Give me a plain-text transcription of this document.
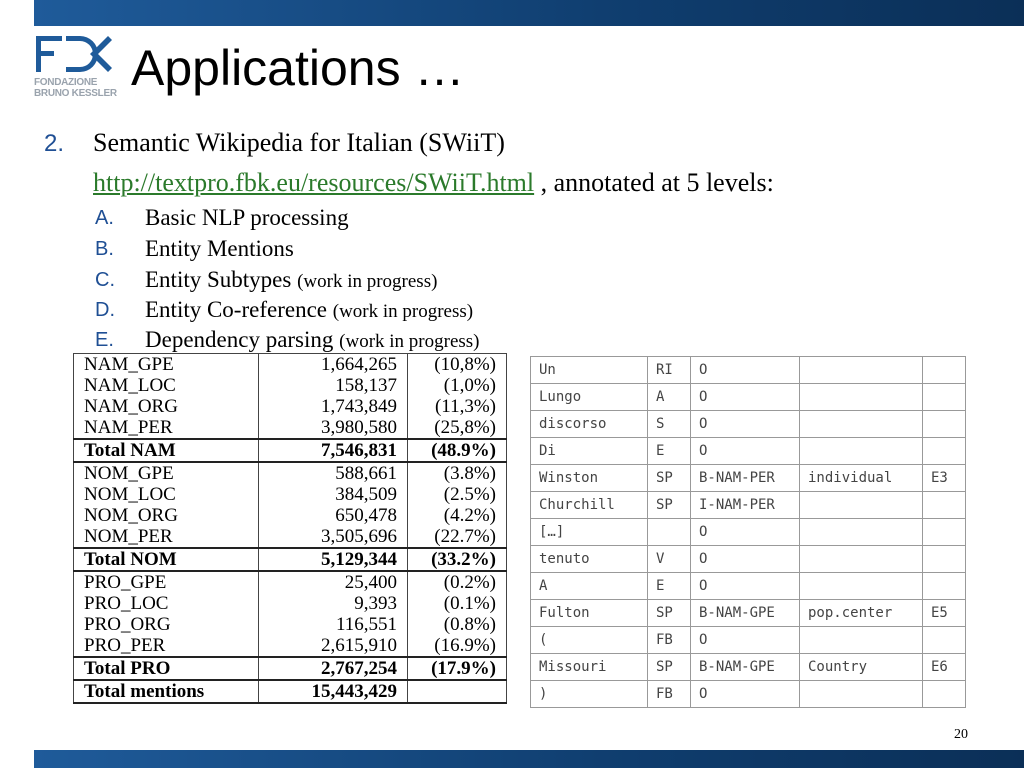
FONDAZIONE
BRUNO KESSLER Applications …
2. Semantic Wikipedia for Italian (SWiiT)
http://textpro.fbk.eu/resources/SWiiT.html , annotated at 5 levels:
A. Basic NLP processing
B. Entity Mentions
C. Entity Subtypes (work in progress)
D. Entity Co-reference (work in progress)
E. Dependency parsing (work in progress)
NAM_GPE	1,664,265	(10,8%)
NAM_LOC	158,137	(1,0%)
NAM_ORG	1,743,849	(11,3%)
NAM_PER	3,980,580	(25,8%)
Total NAM	7,546,831	(48.9%)
NOM_GPE	588,661	(3.8%)
NOM_LOC	384,509	(2.5%)
NOM_ORG	650,478	(4.2%)
NOM_PER	3,505,696	(22.7%)
Total NOM	5,129,344	(33.2%)
PRO_GPE	25,400	(0.2%)
PRO_LOC	9,393	(0.1%)
PRO_ORG	116,551	(0.8%)
PRO_PER	2,615,910	(16.9%)
Total PRO	2,767,254	(17.9%)
Total mentions	15,443,429	
Un	RI	O		
Lungo	A	O		
discorso	S	O		
Di	E	O		
Winston	SP	B-NAM-PER	individual	E3
Churchill	SP	I-NAM-PER		
[…]		O		
tenuto	V	O		
A	E	O		
Fulton	SP	B-NAM-GPE	pop.center	E5
(	FB	O		
Missouri	SP	B-NAM-GPE	Country	E6
)	FB	O		
20
